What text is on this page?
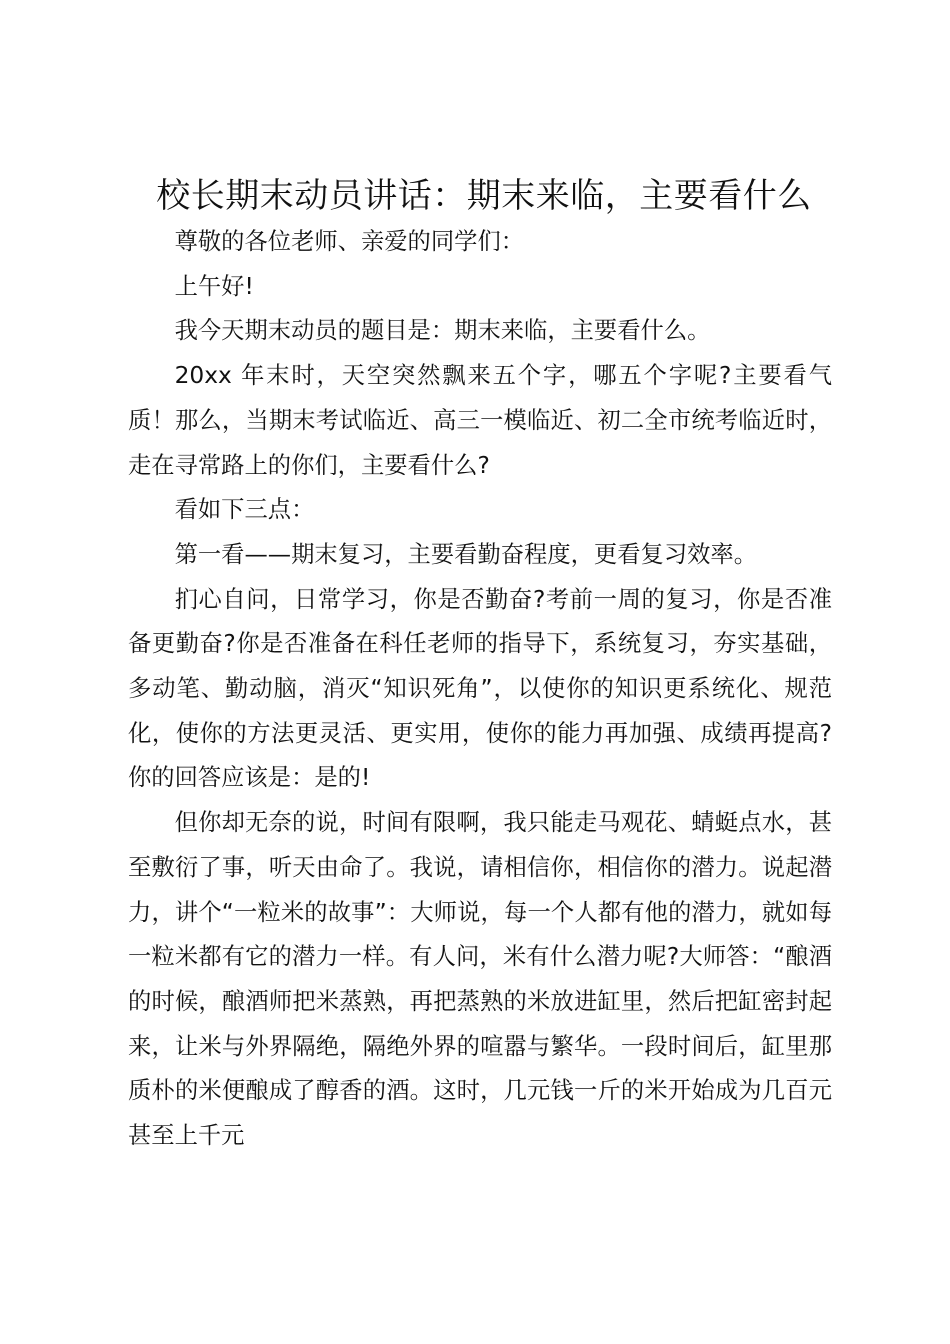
校长期末动员讲话：期末来临，主要看什么

尊敬的各位老师、亲爱的同学们：

上午好!

我今天期末动员的题目是：期末来临，主要看什么。

20xx 年末时，天空突然飘来五个字，哪五个字呢?主要看气质！那么，当期末考试临近、高三一模临近、初二全市统考临近时，走在寻常路上的你们，主要看什么?

看如下三点：

第一看——期末复习，主要看勤奋程度，更看复习效率。

扪心自问，日常学习，你是否勤奋?考前一周的复习，你是否准备更勤奋?你是否准备在科任老师的指导下，系统复习，夯实基础，多动笔、勤动脑，消灭“知识死角”，以使你的知识更系统化、规范化，使你的方法更灵活、更实用，使你的能力再加强、成绩再提高?你的回答应该是：是的!

但你却无奈的说，时间有限啊，我只能走马观花、蜻蜓点水，甚至敷衍了事，听天由命了。我说，请相信你，相信你的潜力。说起潜力，讲个“一粒米的故事”：大师说，每一个人都有他的潜力，就如每一粒米都有它的潜力一样。有人问，米有什么潜力呢?大师答：“酿酒的时候，酿酒师把米蒸熟，再把蒸熟的米放进缸里，然后把缸密封起来，让米与外界隔绝，隔绝外界的喧嚣与繁华。一段时间后，缸里那质朴的米便酿成了醇香的酒。这时，几元钱一斤的米开始成为几百元甚至上千元
